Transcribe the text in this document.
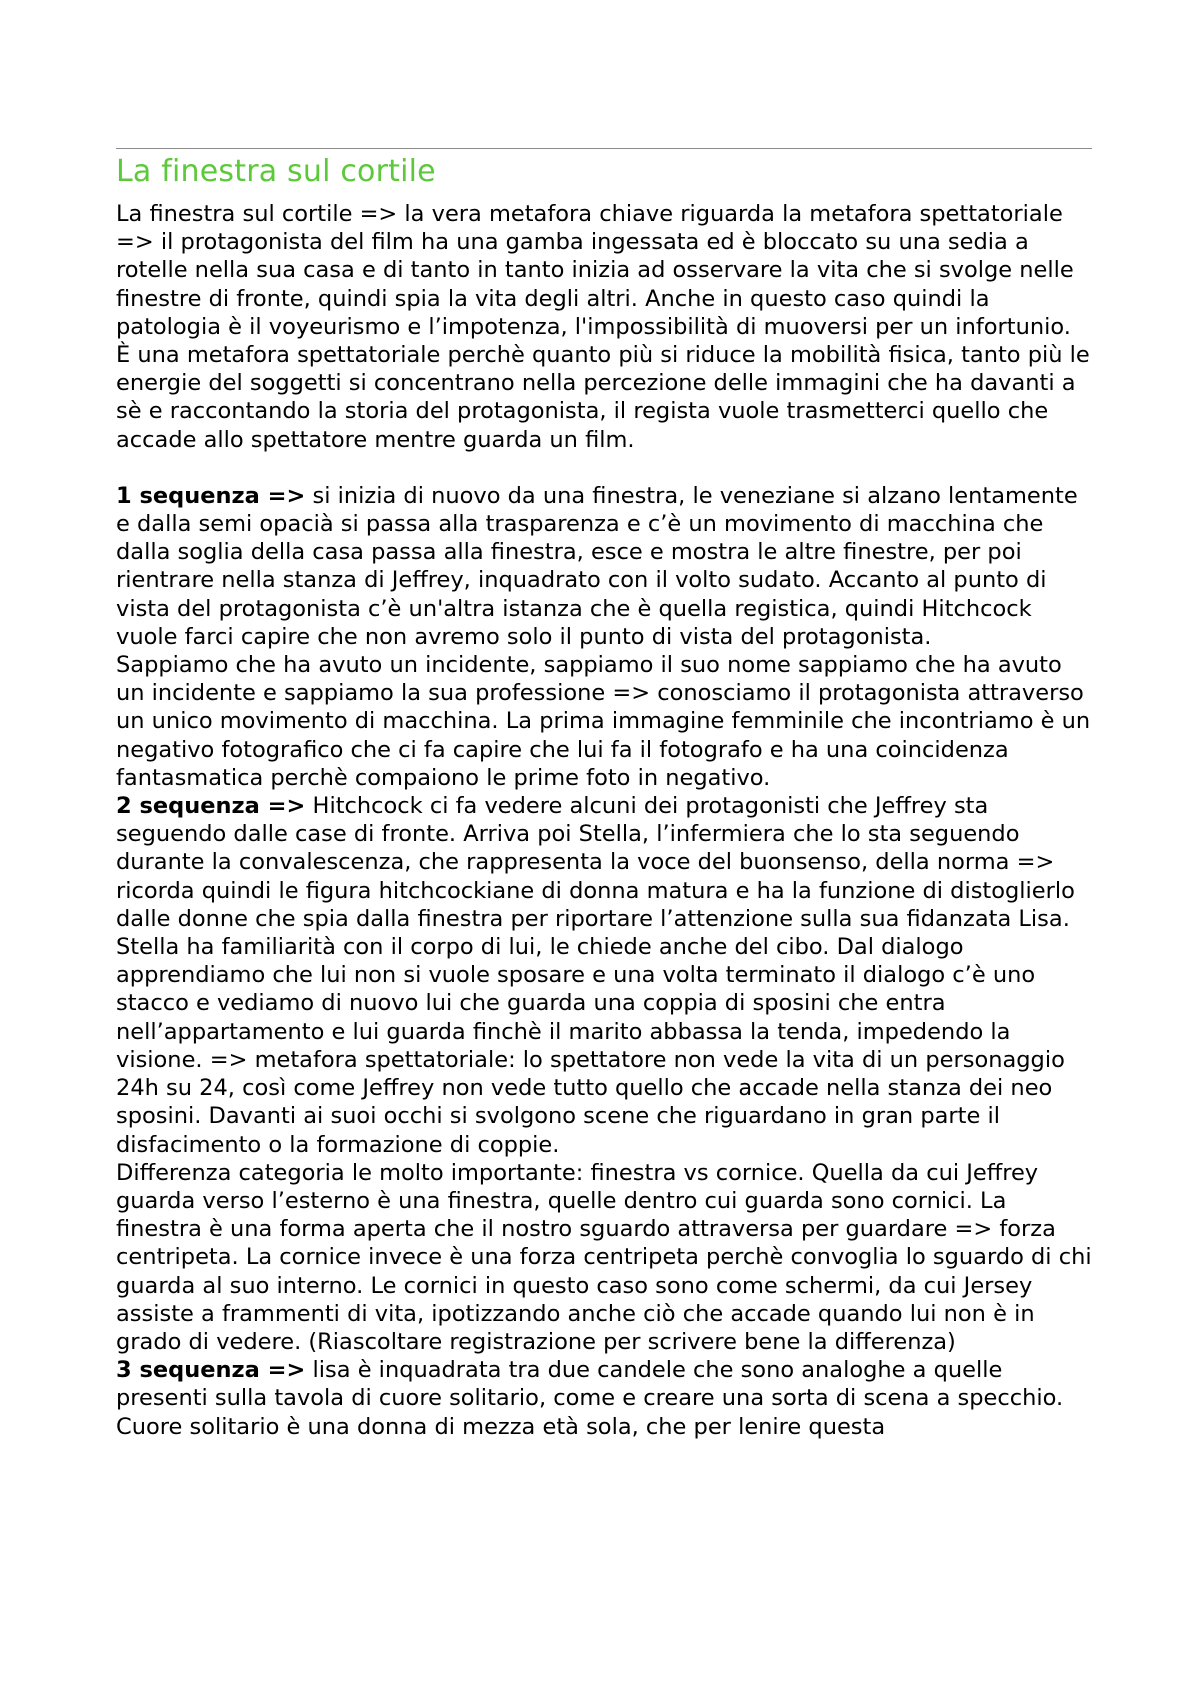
La finestra sul cortile

La finestra sul cortile => la vera metafora chiave riguarda la metafora spettatoriale => il protagonista del film ha una gamba ingessata ed è bloccato su una sedia a rotelle nella sua casa e di tanto in tanto inizia ad osservare la vita che si svolge nelle finestre di fronte, quindi spia la vita degli altri. Anche in questo caso quindi la patologia è il voyeurismo e l’impotenza, l'impossibilità di muoversi per un infortunio. È una metafora spettatoriale perchè quanto più si riduce la mobilità fisica, tanto più le energie del soggetti si concentrano nella percezione delle immagini che ha davanti a sè e raccontando la storia del protagonista, il regista vuole trasmetterci quello che accade allo spettatore mentre guarda un film.

1 sequenza => si inizia di nuovo da una finestra, le veneziane si alzano lentamente e dalla semi opacià si passa alla trasparenza e c’è un movimento di macchina che dalla soglia della casa passa alla finestra, esce e mostra le altre finestre, per poi rientrare nella stanza di Jeffrey, inquadrato con il volto sudato. Accanto al punto di vista del protagonista c’è un'altra istanza che è quella registica, quindi Hitchcock vuole farci capire che non avremo solo il punto di vista del protagonista.

Sappiamo che ha avuto un incidente, sappiamo il suo nome sappiamo che ha avuto un incidente e sappiamo la sua professione => conosciamo il protagonista attraverso un unico movimento di macchina. La prima immagine femminile che incontriamo è un negativo fotografico che ci fa capire che lui fa il fotografo e ha una coincidenza fantasmatica perchè compaiono le prime foto in negativo.

2 sequenza => Hitchcock ci fa vedere alcuni dei protagonisti che Jeffrey sta seguendo dalle case di fronte. Arriva poi Stella, l’infermiera che lo sta seguendo durante la convalescenza, che rappresenta la voce del buonsenso, della norma => ricorda quindi le figura hitchcockiane di donna matura e ha la funzione di distoglierlo dalle donne che spia dalla finestra per riportare l’attenzione sulla sua fidanzata Lisa. Stella ha familiarità con il corpo di lui, le chiede anche del cibo. Dal dialogo apprendiamo che lui non si vuole sposare e una volta terminato il dialogo c’è uno stacco e vediamo di nuovo lui che guarda una coppia di sposini che entra nell’appartamento e lui guarda finchè il marito abbassa la tenda, impedendo la visione. => metafora spettatoriale: lo spettatore non vede la vita di un personaggio 24h su 24, così come Jeffrey non vede tutto quello che accade nella stanza dei neo sposini. Davanti ai suoi occhi si svolgono scene che riguardano in gran parte il disfacimento o la formazione di coppie.

Differenza categoria le molto importante: finestra vs cornice. Quella da cui Jeffrey guarda verso l’esterno è una finestra, quelle dentro cui guarda sono cornici. La finestra è una forma aperta che il nostro sguardo attraversa per guardare => forza centripeta. La cornice invece è una forza centripeta perchè convoglia lo sguardo di chi guarda al suo interno. Le cornici in questo caso sono come schermi, da cui Jersey assiste a frammenti di vita, ipotizzando anche ciò che accade quando lui non è in grado di vedere. (Riascoltare registrazione per scrivere bene la differenza)

3 sequenza => lisa è inquadrata tra due candele che sono analoghe a quelle presenti sulla tavola di cuore solitario, come e creare una sorta di scena a specchio. Cuore solitario è una donna di mezza età sola, che per lenire questa
